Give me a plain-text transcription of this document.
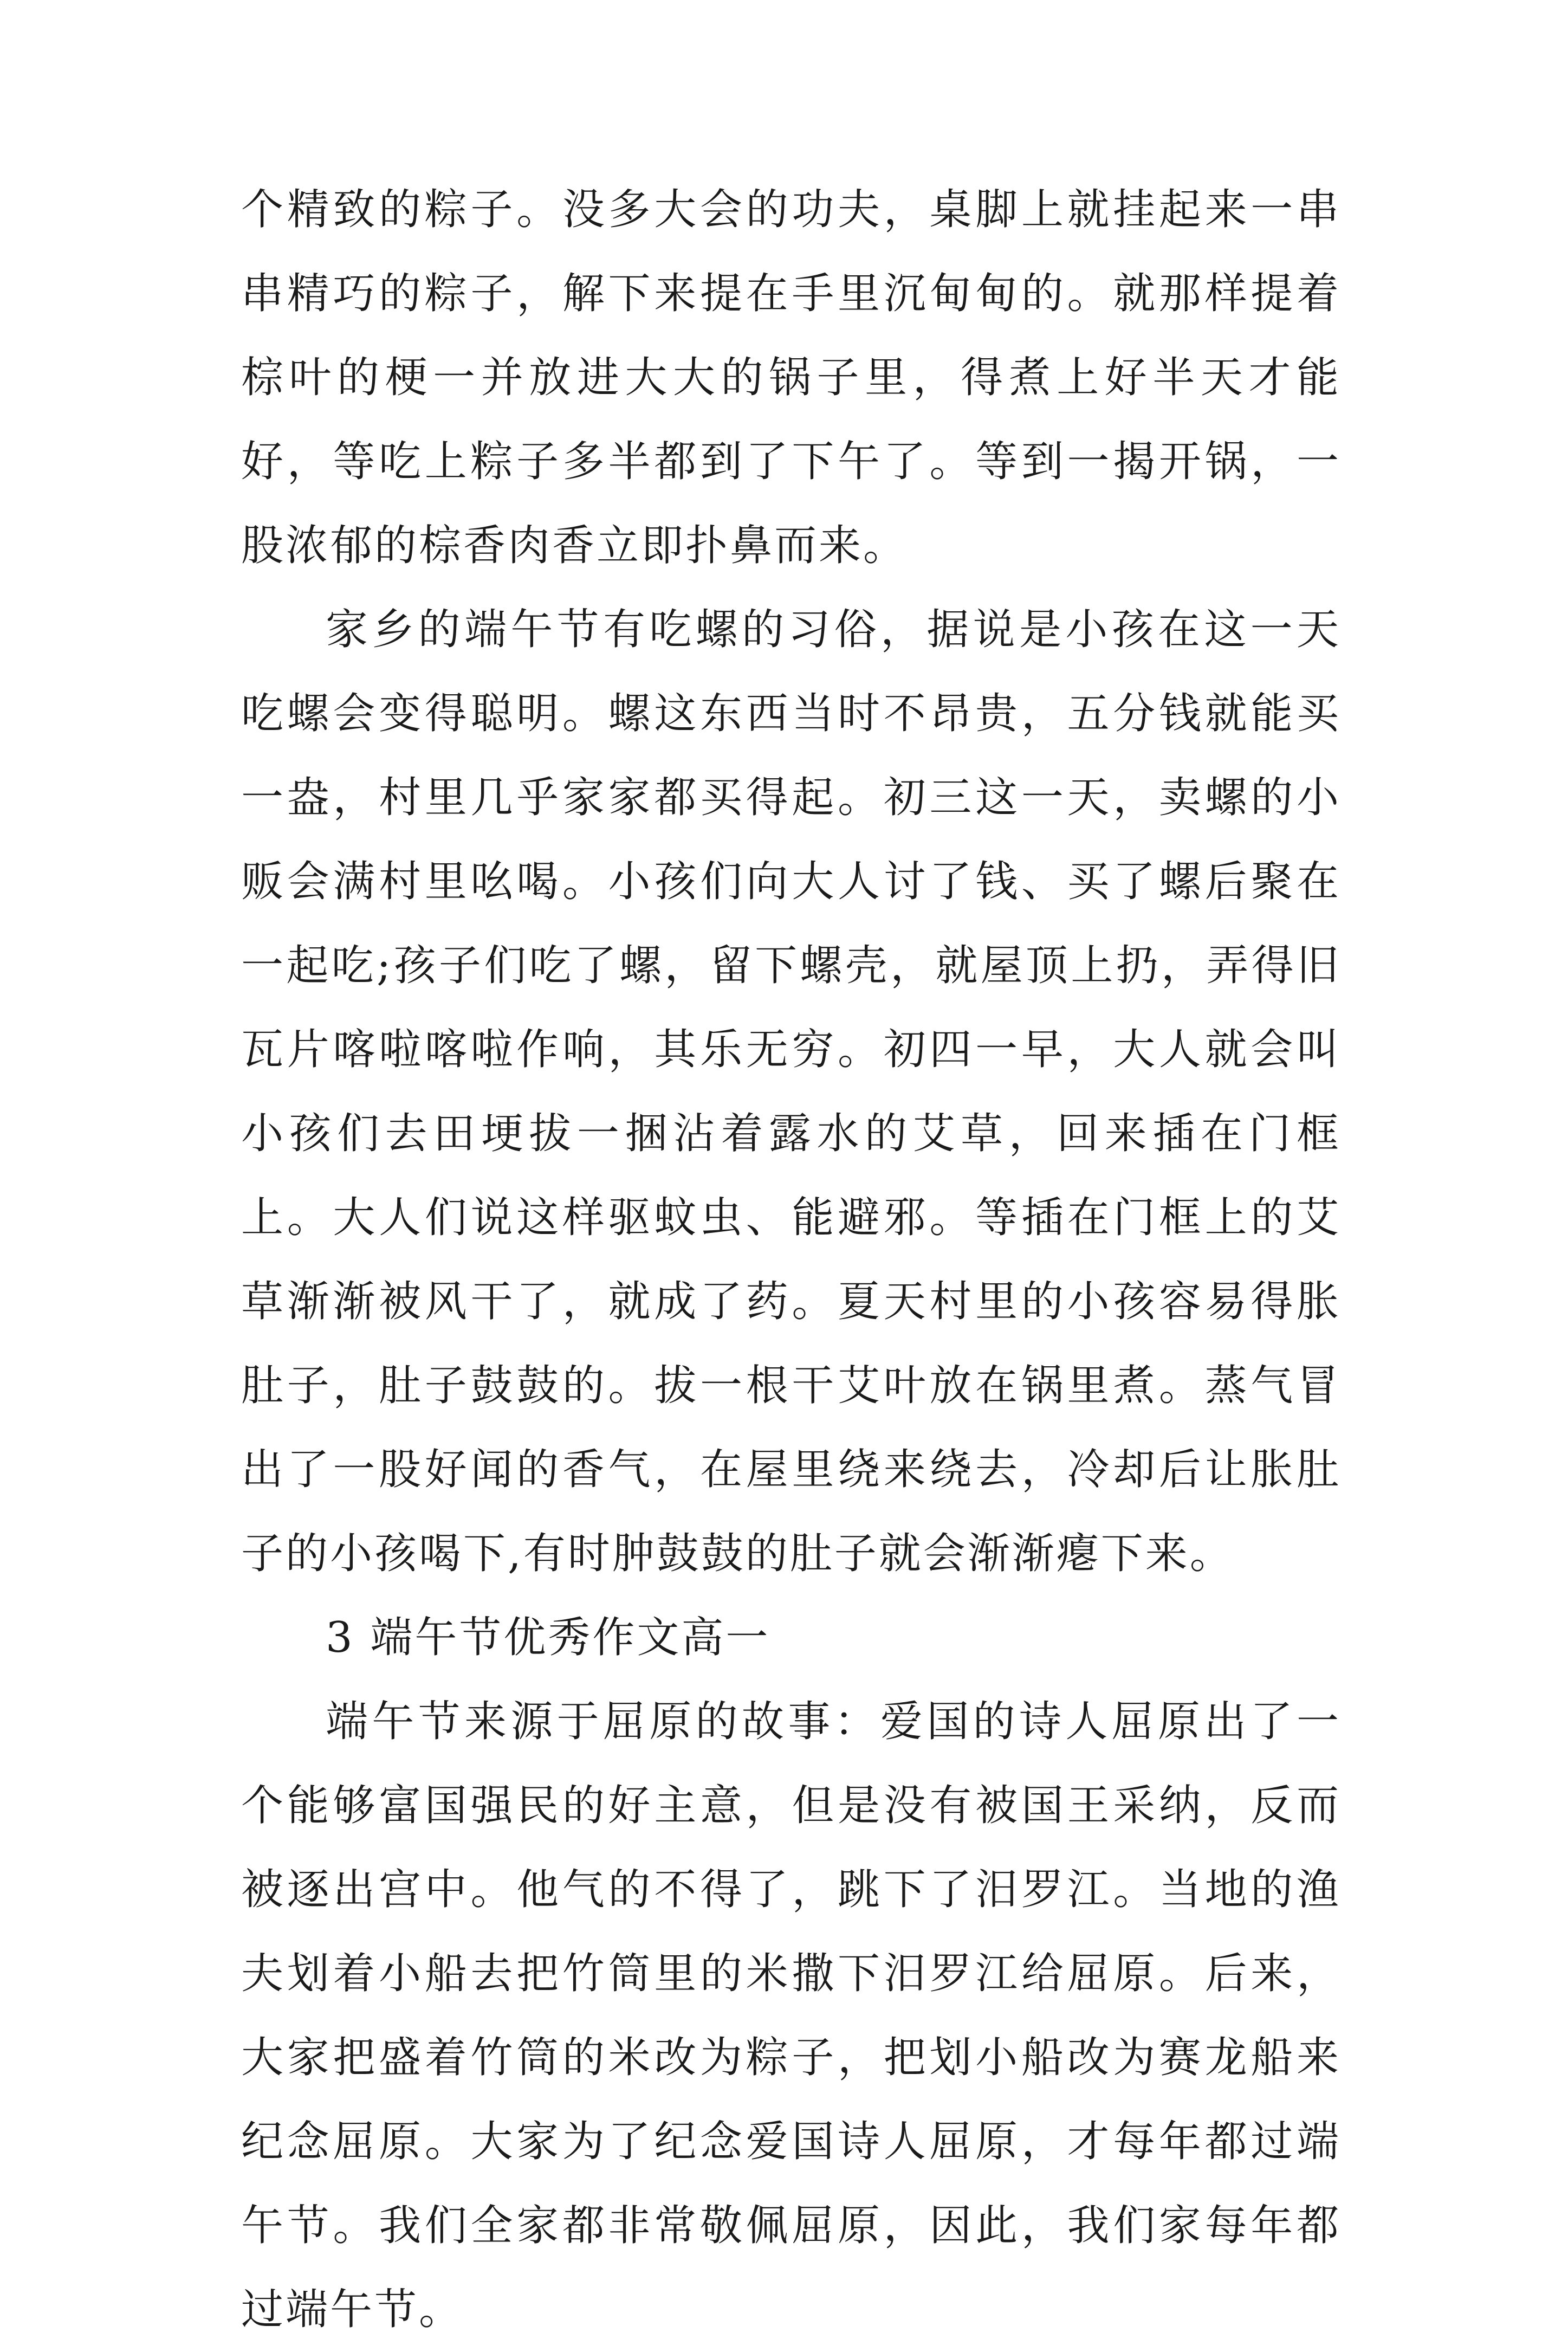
个精致的粽子。没多大会的功夫，桌脚上就挂起来一串串精巧的粽子，解下来提在手里沉甸甸的。就那样提着棕叶的梗一并放进大大的锅子里，得煮上好半天才能好，等吃上粽子多半都到了下午了。等到一揭开锅，一股浓郁的棕香肉香立即扑鼻而来。

家乡的端午节有吃螺的习俗，据说是小孩在这一天吃螺会变得聪明。螺这东西当时不昂贵，五分钱就能买一盎，村里几乎家家都买得起。初三这一天，卖螺的小贩会满村里吆喝。小孩们向大人讨了钱、买了螺后聚在一起吃;孩子们吃了螺，留下螺壳，就屋顶上扔，弄得旧瓦片喀啦喀啦作响，其乐无穷。初四一早，大人就会叫小孩们去田埂拔一捆沾着露水的艾草，回来插在门框上。大人们说这样驱蚊虫、能避邪。等插在门框上的艾草渐渐被风干了，就成了药。夏天村里的小孩容易得胀肚子，肚子鼓鼓的。拔一根干艾叶放在锅里煮。蒸气冒出了一股好闻的香气，在屋里绕来绕去，冷却后让胀肚子的小孩喝下,有时肿鼓鼓的肚子就会渐渐瘪下来。

3 端午节优秀作文高一

端午节来源于屈原的故事：爱国的诗人屈原出了一个能够富国强民的好主意，但是没有被国王采纳，反而被逐出宫中。他气的不得了，跳下了汨罗江。当地的渔夫划着小船去把竹筒里的米撒下汨罗江给屈原。后来，大家把盛着竹筒的米改为粽子，把划小船改为赛龙船来纪念屈原。大家为了纪念爱国诗人屈原，才每年都过端午节。我们全家都非常敬佩屈原，因此，我们家每年都过端午节。
